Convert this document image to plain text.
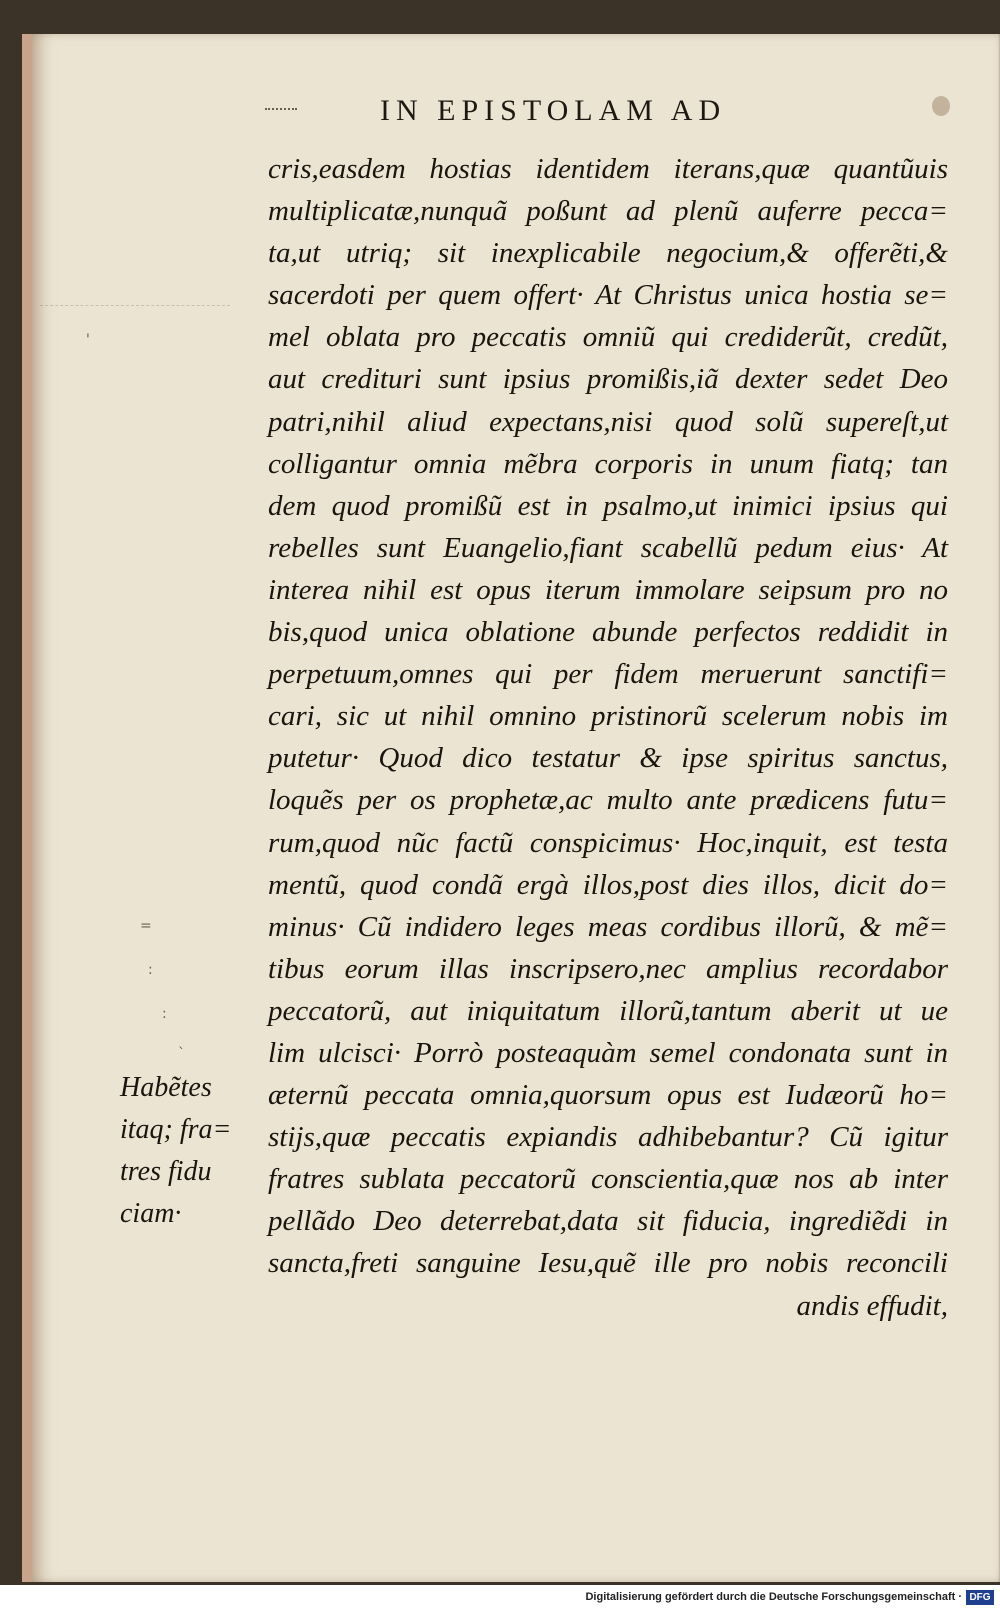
IN EPISTOLAM AD
cris,easdem hostias identidem iterans,quæ quantũuis
multiplicatæ,nunquã poßunt ad plenũ auferre pecca=
ta,ut utriq; sit inexplicabile negocium,& offerẽti,&
sacerdoti per quem offert· At Christus unica hostia se=
mel oblata pro peccatis omniũ qui crediderũt, credũt,
aut credituri sunt ipsius promißis,iã dexter sedet Deo
patri,nihil aliud expectans,nisi quod solũ supereſt,ut
colligantur omnia mẽbra corporis in unum fiatq; tan
dem quod promißũ est in psalmo,ut inimici ipsius qui
rebelles sunt Euangelio,fiant scabellũ pedum eius· At
interea nihil est opus iterum immolare seipsum pro no
bis,quod unica oblatione abunde perfectos reddidit in
perpetuum,omnes qui per fidem meruerunt sanctifi=
cari, sic ut nihil omnino pristinorũ scelerum nobis im
putetur· Quod dico testatur & ipse spiritus sanctus,
loquẽs per os prophetæ,ac multo ante prædicens futu=
rum,quod nũc factũ conspicimus· Hoc,inquit, est testa
mentũ, quod condã ergà illos,post dies illos, dicit do=
minus· Cũ indidero leges meas cordibus illorũ, & mẽ=
tibus eorum illas inscripsero,nec amplius recordabor
peccatorũ, aut iniquitatum illorũ,tantum aberit ut ue
lim ulcisci· Porrò posteaquàm semel condonata sunt in
æternũ peccata omnia,quorsum opus est Iudæorũ ho=
stijs,quæ peccatis expiandis adhibebantur? Cũ igitur
fratres sublata peccatorũ conscientia,quæ nos ab inter
pellãdo Deo deterrebat,data sit fiducia, ingrediẽdi in
sancta,freti sanguine Iesu,quẽ ille pro nobis reconcili
andis effudit,
Habẽtes
itaq; fra=
tres fidu
ciam·
'
=
:
:
`
Digitalisierung gefördert durch die Deutsche Forschungsgemeinschaft · DFG
